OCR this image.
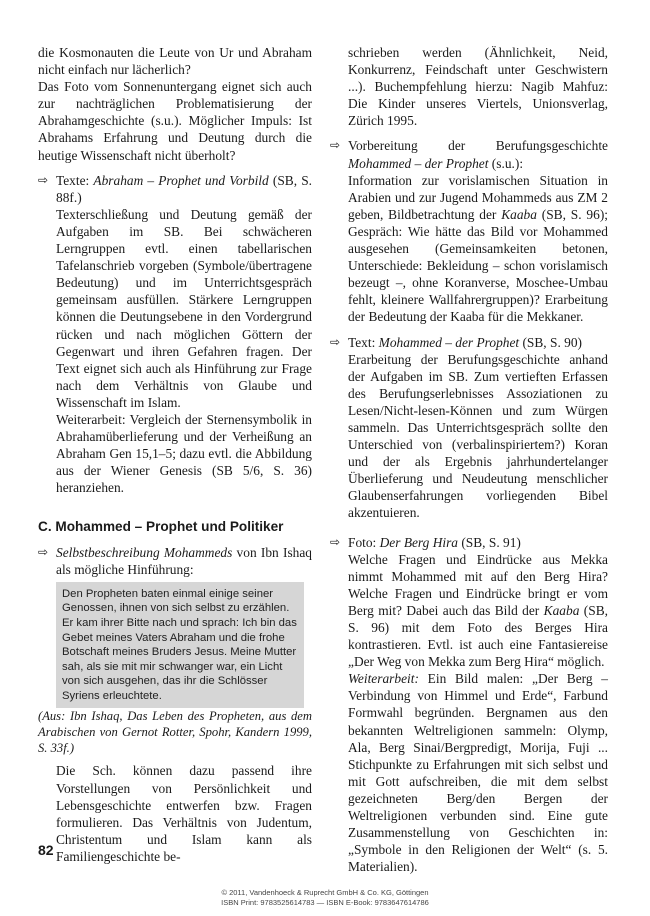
die Kosmonauten die Leute von Ur und Abraham nicht einfach nur lächerlich?

Das Foto vom Sonnenuntergang eignet sich auch zur nachträglichen Problematisierung der Abrahamgeschichte (s.u.). Möglicher Impuls: Ist Abrahams Erfahrung und Deutung durch die heutige Wissenschaft nicht überholt?

⇨ Texte: Abraham – Prophet und Vorbild (SB, S. 88f.)

Texterschließung und Deutung gemäß der Aufgaben im SB. Bei schwächeren Lerngruppen evtl. einen tabellarischen Tafelanschrieb vorgeben (Symbole/übertragene Bedeutung) und im Unterrichtsgespräch gemeinsam ausfüllen. Stärkere Lerngruppen können die Deutungsebene in den Vordergrund rücken und nach möglichen Göttern der Gegenwart und ihren Gefahren fragen. Der Text eignet sich auch als Hinführung zur Frage nach dem Verhältnis von Glaube und Wissenschaft im Islam.

Weiterarbeit: Vergleich der Sternensymbolik in Abrahamüberlieferung und der Verheißung an Abraham Gen 15,1–5; dazu evtl. die Abbildung aus der Wiener Genesis (SB 5/6, S. 36) heranziehen.

C. Mohammed – Prophet und Politiker

⇨ Selbstbeschreibung Mohammeds von Ibn Ishaq als mögliche Hinführung:

Den Propheten baten einmal einige seiner Genossen, ihnen von sich selbst zu erzählen. Er kam ihrer Bitte nach und sprach: Ich bin das Gebet meines Vaters Abraham und die frohe Botschaft meines Bruders Jesus. Meine Mutter sah, als sie mit mir schwanger war, ein Licht von sich ausgehen, das ihr die Schlösser Syriens erleuchtete.

(Aus: Ibn Ishaq, Das Leben des Propheten, aus dem Arabischen von Gernot Rotter, Spohr, Kandern 1999, S. 33f.)

Die Sch. können dazu passend ihre Vorstellungen von Persönlichkeit und Lebensgeschichte entwerfen bzw. Fragen formulieren. Das Verhältnis von Judentum, Christentum und Islam kann als Familiengeschichte be-

schrieben werden (Ähnlichkeit, Neid, Konkurrenz, Feindschaft unter Geschwistern ...). Buchempfehlung hierzu: Nagib Mahfuz: Die Kinder unseres Viertels, Unionsverlag, Zürich 1995.

⇨ Vorbereitung der Berufungsgeschichte Mohammed – der Prophet (s.u.):

Information zur vorislamischen Situation in Arabien und zur Jugend Mohammeds aus ZM 2 geben, Bildbetrachtung der Kaaba (SB, S. 96); Gespräch: Wie hätte das Bild vor Mohammed ausgesehen (Gemeinsamkeiten betonen, Unterschiede: Bekleidung – schon vorislamisch bezeugt –, ohne Koranverse, Moschee-Umbau fehlt, kleinere Wallfahrergruppen)? Erarbeitung der Bedeutung der Kaaba für die Mekkaner.

⇨ Text: Mohammed – der Prophet (SB, S. 90)

Erarbeitung der Berufungsgeschichte anhand der Aufgaben im SB. Zum vertieften Erfassen des Berufungserlebnisses Assoziationen zu Lesen/Nicht-lesen-Können und zum Würgen sammeln. Das Unterrichtsgespräch sollte den Unterschied von (verbalinspiriertem?) Koran und der als Ergebnis jahrhundertelanger Überlieferung und Neudeutung menschlicher Glaubenserfahrungen vorliegenden Bibel akzentuieren.

⇨ Foto: Der Berg Hira (SB, S. 91)

Welche Fragen und Eindrücke aus Mekka nimmt Mohammed mit auf den Berg Hira? Welche Fragen und Eindrücke bringt er vom Berg mit? Dabei auch das Bild der Kaaba (SB, S. 96) mit dem Foto des Berges Hira kontrastieren. Evtl. ist auch eine Fantasiereise „Der Weg von Mekka zum Berg Hira“ möglich.

Weiterarbeit: Ein Bild malen: „Der Berg – Verbindung von Himmel und Erde“, Farbund Formwahl begründen. Bergnamen aus den bekannten Weltreligionen sammeln: Olymp, Ala, Berg Sinai/Bergpredigt, Morija, Fuji ... Stichpunkte zu Erfahrungen mit sich selbst und mit Gott aufschreiben, die mit dem selbst gezeichneten Berg/den Bergen der Weltreligionen verbunden sind. Eine gute Zusammenstellung von Geschichten in: „Symbole in den Religionen der Welt“ (s. 5. Materialien).

82
© 2011, Vandenhoeck & Ruprecht GmbH & Co. KG, Göttingen
ISBN Print: 9783525614783 — ISBN E-Book: 9783647614786
